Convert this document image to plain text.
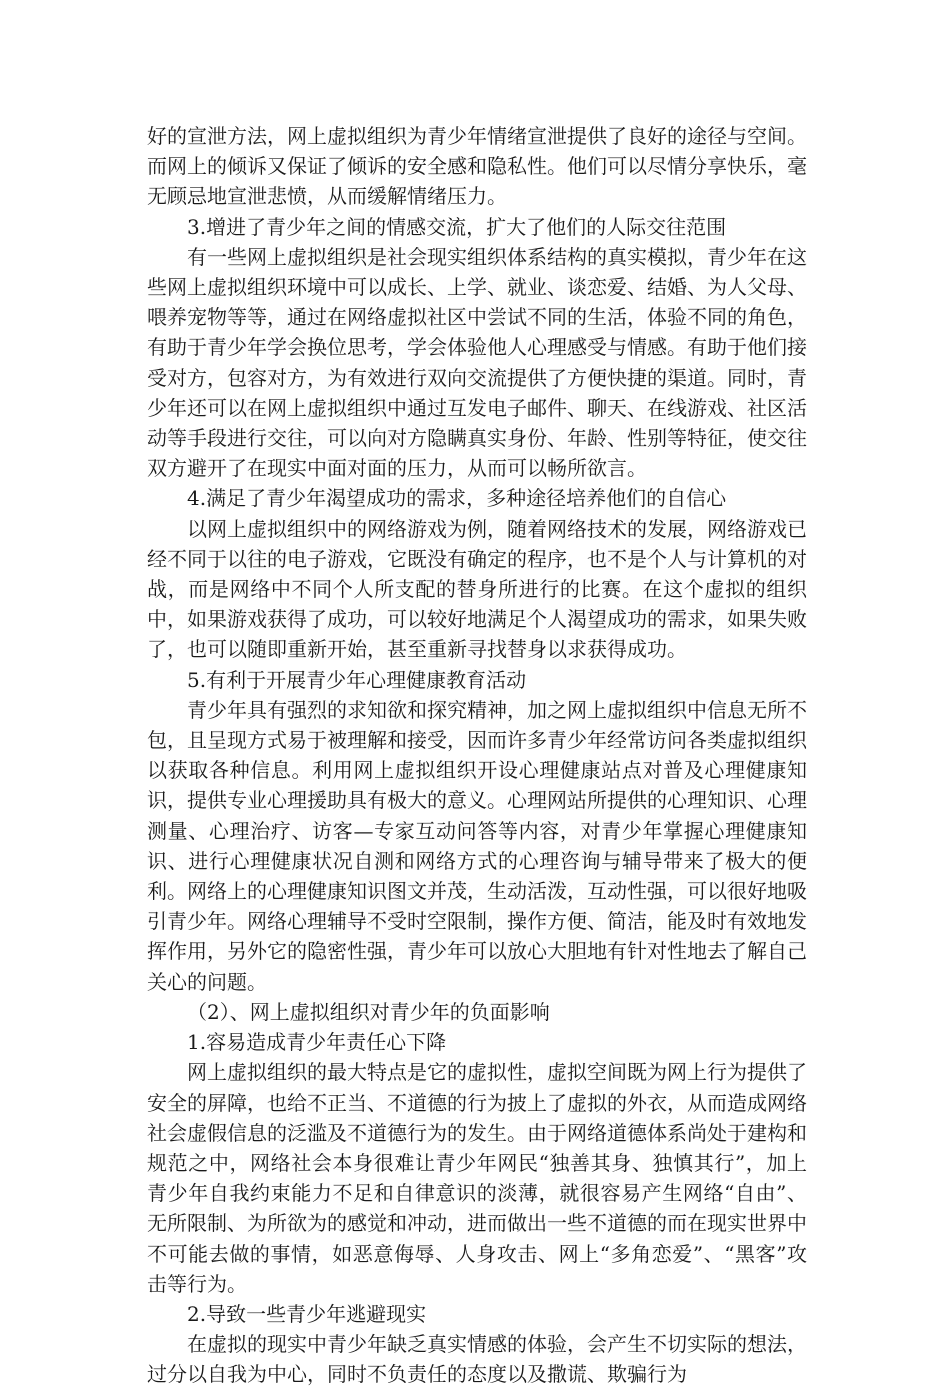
好的宣泄方法，网上虚拟组织为青少年情绪宣泄提供了良好的途径与空间。而网上的倾诉又保证了倾诉的安全感和隐私性。他们可以尽情分享快乐，毫无顾忌地宣泄悲愤，从而缓解情绪压力。

3.增进了青少年之间的情感交流，扩大了他们的人际交往范围

有一些网上虚拟组织是社会现实组织体系结构的真实模拟，青少年在这些网上虚拟组织环境中可以成长、上学、就业、谈恋爱、结婚、为人父母、喂养宠物等等，通过在网络虚拟社区中尝试不同的生活，体验不同的角色，有助于青少年学会换位思考，学会体验他人心理感受与情感。有助于他们接受对方，包容对方，为有效进行双向交流提供了方便快捷的渠道。同时，青少年还可以在网上虚拟组织中通过互发电子邮件、聊天、在线游戏、社区活动等手段进行交往，可以向对方隐瞒真实身份、年龄、性别等特征，使交往双方避开了在现实中面对面的压力，从而可以畅所欲言。

4.满足了青少年渴望成功的需求，多种途径培养他们的自信心

以网上虚拟组织中的网络游戏为例，随着网络技术的发展，网络游戏已经不同于以往的电子游戏，它既没有确定的程序，也不是个人与计算机的对战，而是网络中不同个人所支配的替身所进行的比赛。在这个虚拟的组织中，如果游戏获得了成功，可以较好地满足个人渴望成功的需求，如果失败了，也可以随即重新开始，甚至重新寻找替身以求获得成功。

5.有利于开展青少年心理健康教育活动

青少年具有强烈的求知欲和探究精神，加之网上虚拟组织中信息无所不包，且呈现方式易于被理解和接受，因而许多青少年经常访问各类虚拟组织以获取各种信息。利用网上虚拟组织开设心理健康站点对普及心理健康知识，提供专业心理援助具有极大的意义。心理网站所提供的心理知识、心理测量、心理治疗、访客—专家互动问答等内容，对青少年掌握心理健康知识、进行心理健康状况自测和网络方式的心理咨询与辅导带来了极大的便利。网络上的心理健康知识图文并茂，生动活泼，互动性强，可以很好地吸引青少年。网络心理辅导不受时空限制，操作方便、简洁，能及时有效地发挥作用，另外它的隐密性强，青少年可以放心大胆地有针对性地去了解自己关心的问题。

（2）、网上虚拟组织对青少年的负面影响

1.容易造成青少年责任心下降

网上虚拟组织的最大特点是它的虚拟性，虚拟空间既为网上行为提供了安全的屏障，也给不正当、不道德的行为披上了虚拟的外衣，从而造成网络社会虚假信息的泛滥及不道德行为的发生。由于网络道德体系尚处于建构和规范之中，网络社会本身很难让青少年网民“独善其身、独慎其行”，加上青少年自我约束能力不足和自律意识的淡薄，就很容易产生网络“自由”、无所限制、为所欲为的感觉和冲动，进而做出一些不道德的而在现实世界中不可能去做的事情，如恶意侮辱、人身攻击、网上“多角恋爱”、“黑客”攻击等行为。

2.导致一些青少年逃避现实

在虚拟的现实中青少年缺乏真实情感的体验，会产生不切实际的想法，过分以自我为中心，同时不负责任的态度以及撒谎、欺骗行为
